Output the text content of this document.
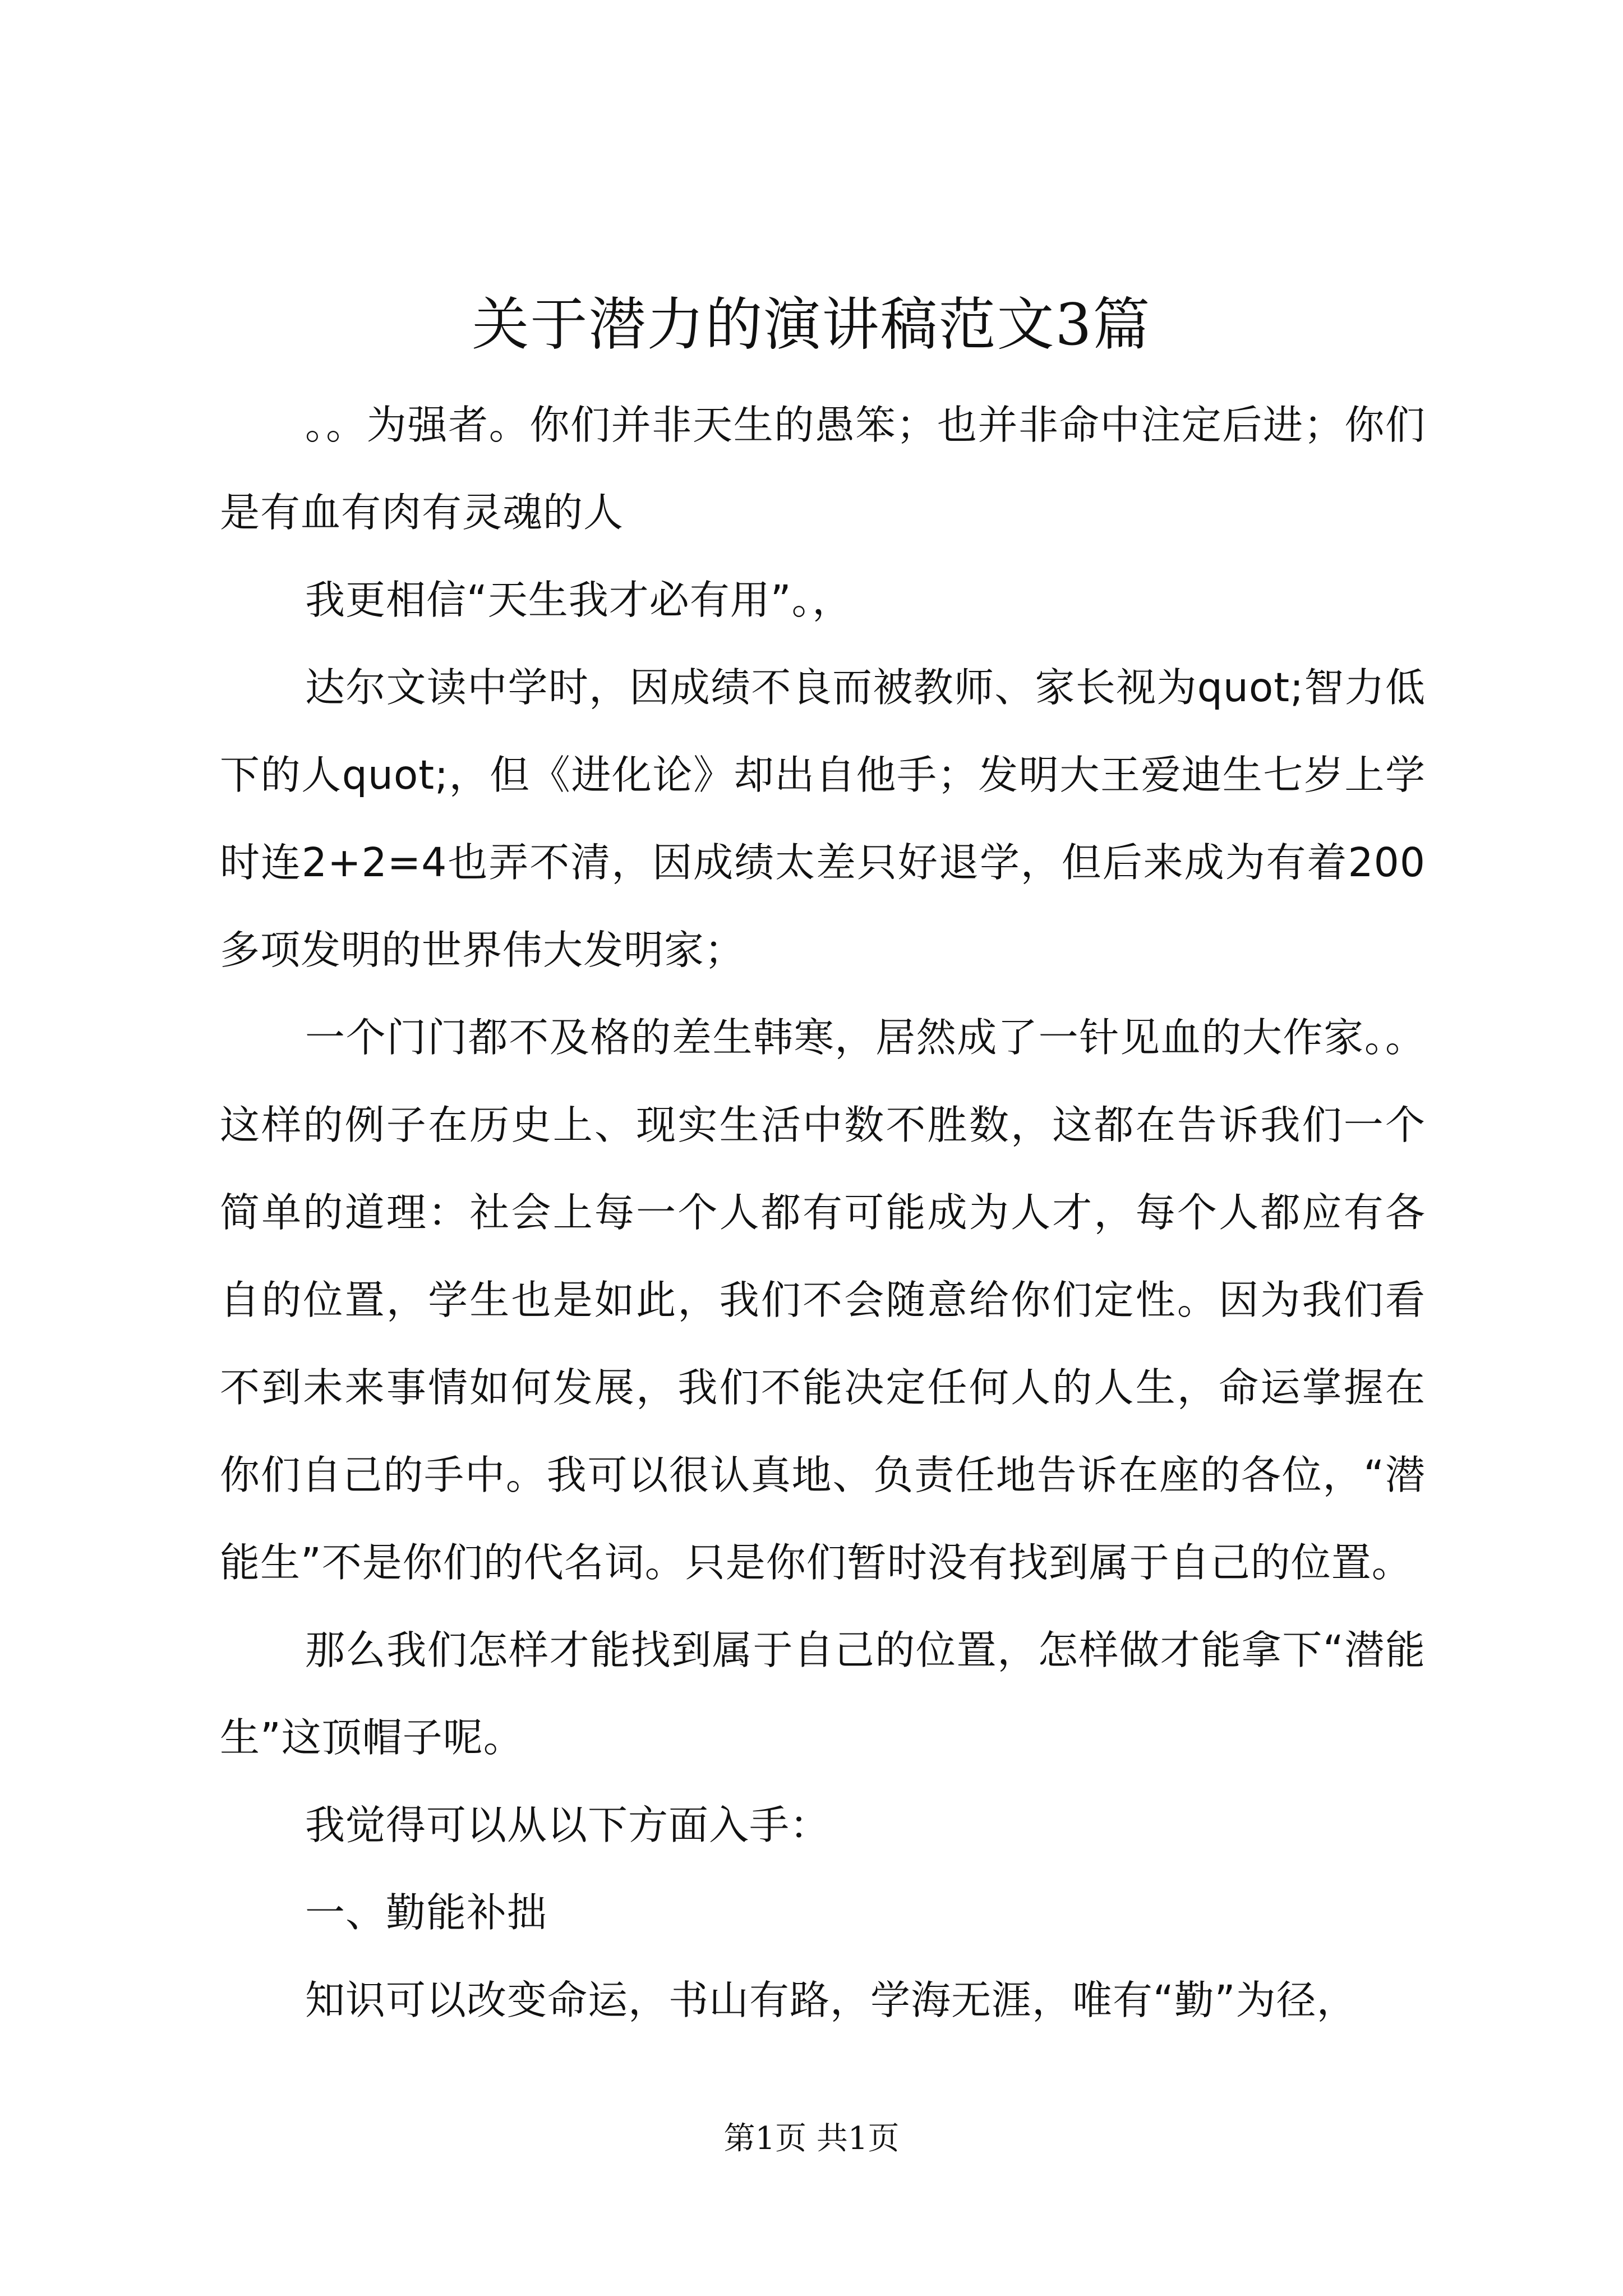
关于潜力的演讲稿范文3篇

。。为强者。你们并非天生的愚笨；也并非命中注定后进；你们是有血有肉有灵魂的人

我更相信“天生我才必有用”。，

达尔文读中学时，因成绩不良而被教师、家长视为quot;智力低下的人quot;，但《进化论》却出自他手；发明大王爱迪生七岁上学时连2+2=4也弄不清，因成绩太差只好退学，但后来成为有着200多项发明的世界伟大发明家；

一个门门都不及格的差生韩寒，居然成了一针见血的大作家。。这样的例子在历史上、现实生活中数不胜数，这都在告诉我们一个简单的道理：社会上每一个人都有可能成为人才，每个人都应有各自的位置，学生也是如此，我们不会随意给你们定性。因为我们看不到未来事情如何发展，我们不能决定任何人的人生，命运掌握在你们自己的手中。我可以很认真地、负责任地告诉在座的各位，“潜能生”不是你们的代名词。只是你们暂时没有找到属于自己的位置。

那么我们怎样才能找到属于自己的位置，怎样做才能拿下“潜能生”这顶帽子呢。

我觉得可以从以下方面入手：

一、勤能补拙

知识可以改变命运，书山有路，学海无涯，唯有“勤”为径，

第1页 共1页
